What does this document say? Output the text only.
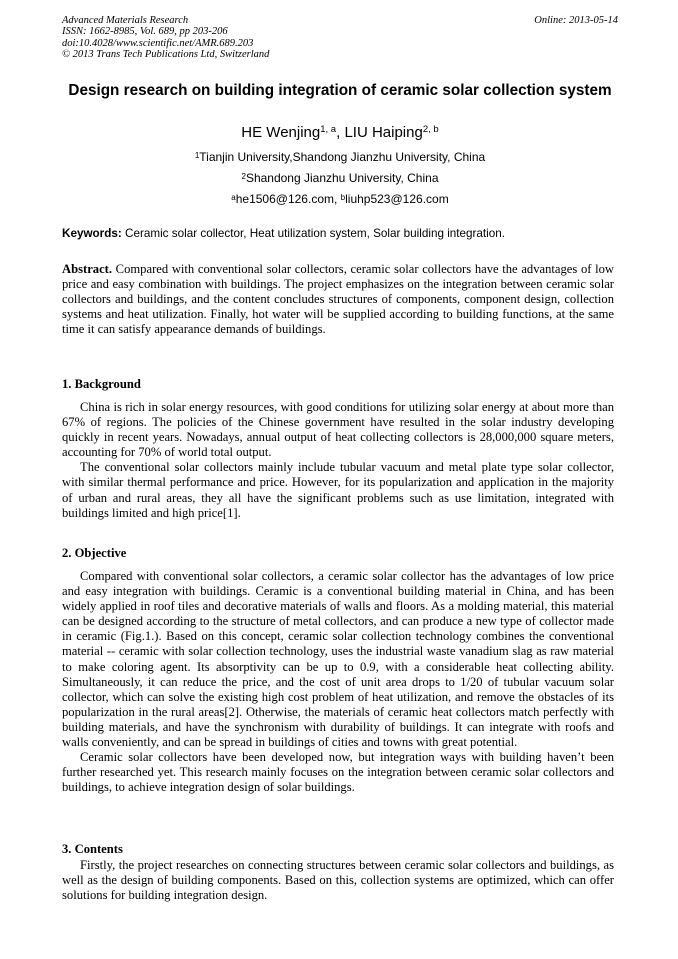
Advanced Materials Research
ISSN: 1662-8985, Vol. 689, pp 203-206
doi:10.4028/www.scientific.net/AMR.689.203
© 2013 Trans Tech Publications Ltd, Switzerland
Online: 2013-05-14
Design research on building integration of ceramic solar collection system
HE Wenjing$^{1, a}$, LIU Haiping$^{2, b}$
$^1$Tianjin University,Shandong Jianzhu University, China
$^2$Shandong Jianzhu University, China
$^a$he1506@126.com, $^b$liuhp523@126.com
Keywords: Ceramic solar collector, Heat utilization system, Solar building integration.

Abstract. Compared with conventional solar collectors, ceramic solar collectors have the advantages of low price and easy combination with buildings. The project emphasizes on the integration between ceramic solar collectors and buildings, and the content concludes structures of components, component design, collection systems and heat utilization. Finally, hot water will be supplied according to building functions, at the same time it can satisfy appearance demands of buildings.

1. Background

China is rich in solar energy resources, with good conditions for utilizing solar energy at about more than 67% of regions. The policies of the Chinese government have resulted in the solar industry developing quickly in recent years. Nowadays, annual output of heat collecting collectors is 28,000,000 square meters, accounting for 70% of world total output.

The conventional solar collectors mainly include tubular vacuum and metal plate type solar collector, with similar thermal performance and price. However, for its popularization and application in the majority of urban and rural areas, they all have the significant problems such as use limitation, integrated with buildings limited and high price[1].

2. Objective

Compared with conventional solar collectors, a ceramic solar collector has the advantages of low price and easy integration with buildings. Ceramic is a conventional building material in China, and has been widely applied in roof tiles and decorative materials of walls and floors. As a molding material, this material can be designed according to the structure of metal collectors, and can produce a new type of collector made in ceramic (Fig.1.). Based on this concept, ceramic solar collection technology combines the conventional material -- ceramic with solar collection technology, uses the industrial waste vanadium slag as raw material to make coloring agent. Its absorptivity can be up to 0.9, with a considerable heat collecting ability. Simultaneously, it can reduce the price, and the cost of unit area drops to 1/20 of tubular vacuum solar collector, which can solve the existing high cost problem of heat utilization, and remove the obstacles of its popularization in the rural areas[2]. Otherwise, the materials of ceramic heat collectors match perfectly with building materials, and have the synchronism with durability of buildings. It can integrate with roofs and walls conveniently, and can be spread in buildings of cities and towns with great potential.

Ceramic solar collectors have been developed now, but integration ways with building haven’t been further researched yet. This research mainly focuses on the integration between ceramic solar collectors and buildings, to achieve integration design of solar buildings.

3. Contents

Firstly, the project researches on connecting structures between ceramic solar collectors and buildings, as well as the design of building components. Based on this, collection systems are optimized, which can offer solutions for building integration design.
